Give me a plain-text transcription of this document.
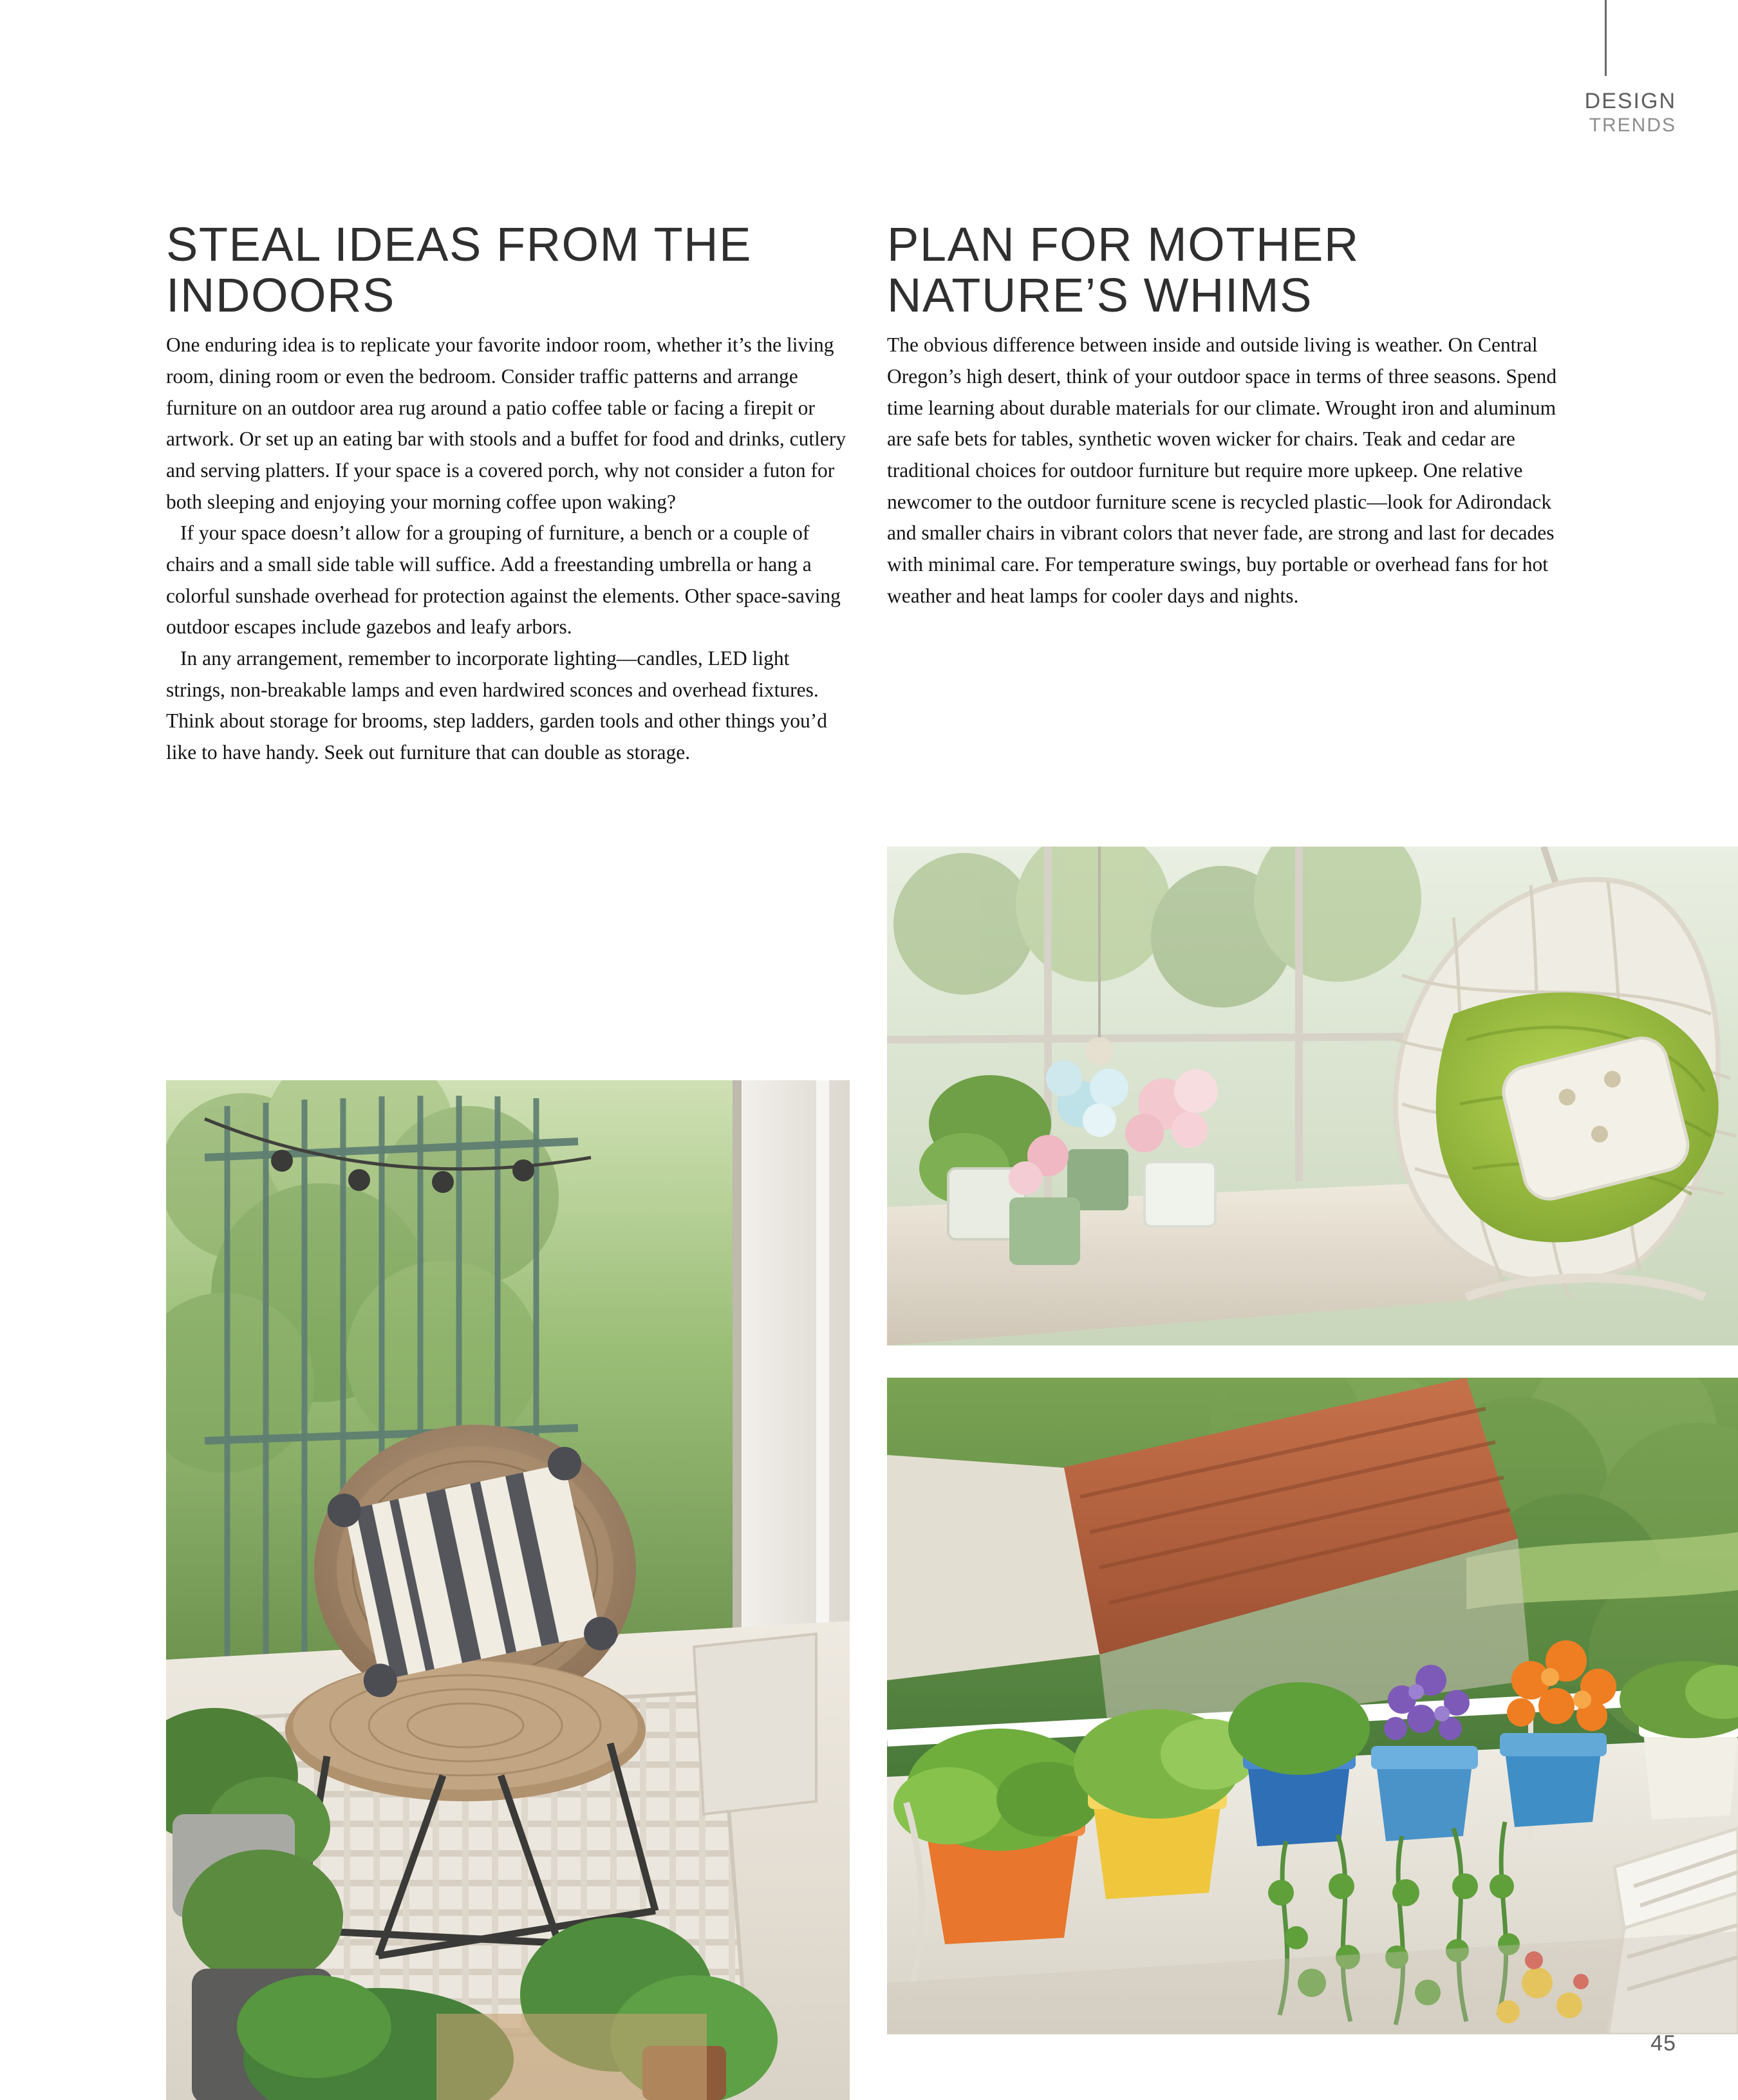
DESIGN
TRENDS
STEAL IDEAS FROM THE INDOORS

One enduring idea is to replicate your favorite indoor room, whether it’s the living room, dining room or even the bedroom. Consider traffic patterns and arrange furniture on an outdoor area rug around a patio coffee table or facing a firepit or artwork. Or set up an eating bar with stools and a buffet for food and drinks, cutlery and serving platters. If your space is a covered porch, why not consider a futon for both sleeping and enjoying your morning coffee upon waking?

If your space doesn’t allow for a grouping of furniture, a bench or a couple of chairs and a small side table will suffice. Add a freestanding umbrella or hang a colorful sunshade overhead for protection against the elements. Other space-saving outdoor escapes include gazebos and leafy arbors.

In any arrangement, remember to incorporate lighting—candles, LED light strings, non-breakable lamps and even hardwired sconces and overhead fixtures. Think about storage for brooms, step ladders, garden tools and other things you’d like to have handy. Seek out furniture that can double as storage.

PLAN FOR MOTHER NATURE’S WHIMS

The obvious difference between inside and outside living is weather. On Central Oregon’s high desert, think of your outdoor space in terms of three seasons. Spend time learning about durable materials for our climate. Wrought iron and aluminum are safe bets for tables, synthetic woven wicker for chairs. Teak and cedar are traditional choices for outdoor furniture but require more upkeep. One relative newcomer to the outdoor furniture scene is recycled plastic—look for Adirondack and smaller chairs in vibrant colors that never fade, are strong and last for decades with minimal care. For temperature swings, buy portable or overhead fans for hot weather and heat lamps for cooler days and nights.

45
